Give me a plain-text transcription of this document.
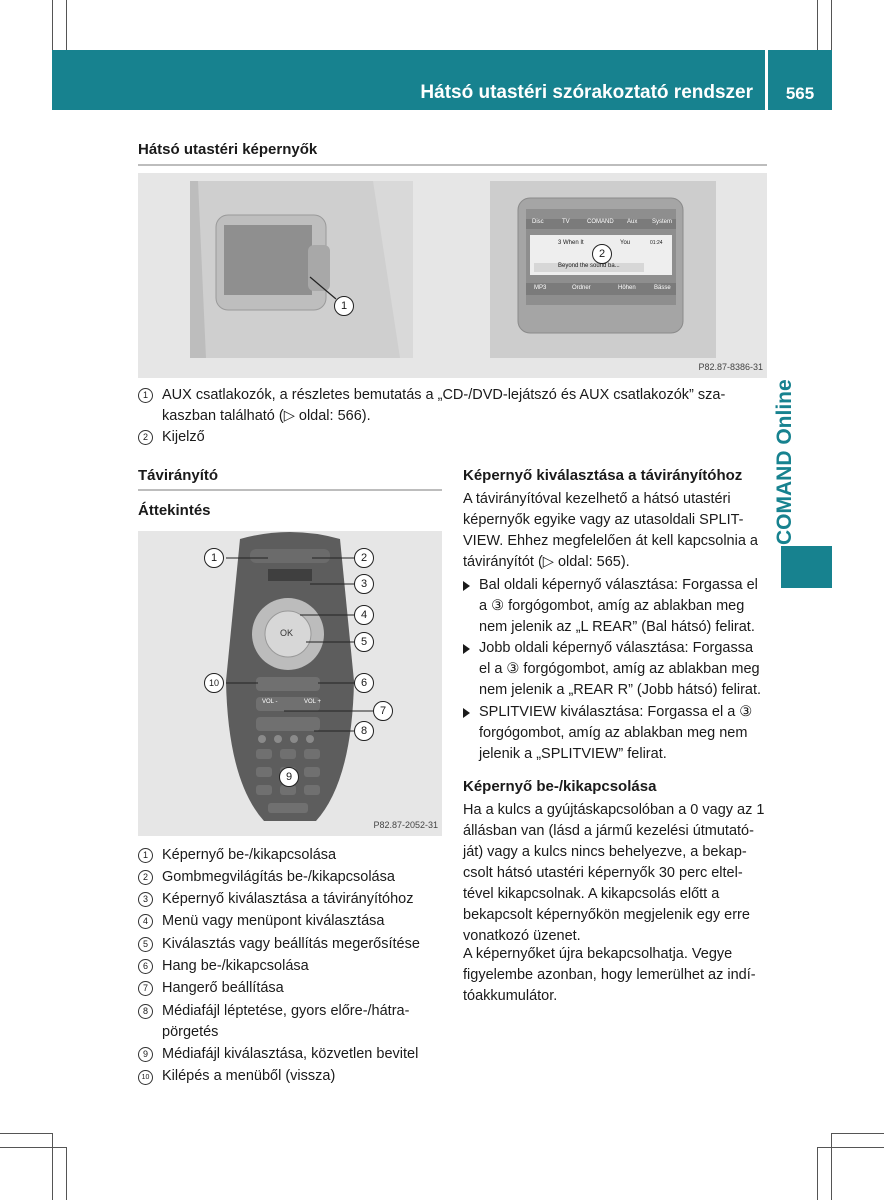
Hátsó utastéri szórakoztató rendszer	565
COMAND Online
Hátsó utastéri képernyők
1
2
Disc	TV	COMAND Aux System
3 When It	You	01:24
Beyond the sound ba...
MP3	Ordner	Höhen	Bässe
P82.87-8386-31
1 AUX csatlakozók, a részletes bemutatás a „CD-/DVD-lejátszó és AUX csatlakozók” sza-
kaszban található (▷ oldal: 566).
2 Kijelző
Távirányító
Áttekintés
OK
VOL -	VOL +
1	2
3
4
5
10	6
7
8
9
P82.87-2052-31
1 Képernyő be-/kikapcsolása
2 Gombmegvilágítás be-/kikapcsolása
3 Képernyő kiválasztása a távirányítóhoz
4 Menü vagy menüpont kiválasztása
5 Kiválasztás vagy beállítás megerősítése
6 Hang be-/kikapcsolása
7 Hangerő beállítása
8 Médiafájl léptetése, gyors előre-/hátra-
pörgetés
9 Médiafájl kiválasztása, közvetlen bevitel
10 Kilépés a menüből (vissza)
Képernyő kiválasztása a távirányítóhoz
A távirányítóval kezelhető a hátsó utastéri
képernyők egyike vagy az utasoldali SPLIT-
VIEW. Ehhez megfelelően át kell kapcsolnia a
távirányítót (▷ oldal: 565).
Bal oldali képernyő választása: Forgassa el
a ③ forgógombot, amíg az ablakban meg
nem jelenik az „L REAR” (Bal hátsó) felirat.
Jobb oldali képernyő választása: Forgassa
el a ③ forgógombot, amíg az ablakban meg
nem jelenik a „REAR R” (Jobb hátsó) felirat.
SPLITVIEW kiválasztása: Forgassa el a ③
forgógombot, amíg az ablakban meg nem
jelenik a „SPLITVIEW” felirat.
Képernyő be-/kikapcsolása
Ha a kulcs a gyújtáskapcsolóban a 0 vagy az 1
állásban van (lásd a jármű kezelési útmutató-
ját) vagy a kulcs nincs behelyezve, a bekap-
csolt hátsó utastéri képernyők 30 perc eltel-
tével kikapcsolnak. A kikapcsolás előtt a
bekapcsolt képernyőkön megjelenik egy erre
vonatkozó üzenet.
A képernyőket újra bekapcsolhatja. Vegye
figyelembe azonban, hogy lemerülhet az indí-
tóakkumulátor.
